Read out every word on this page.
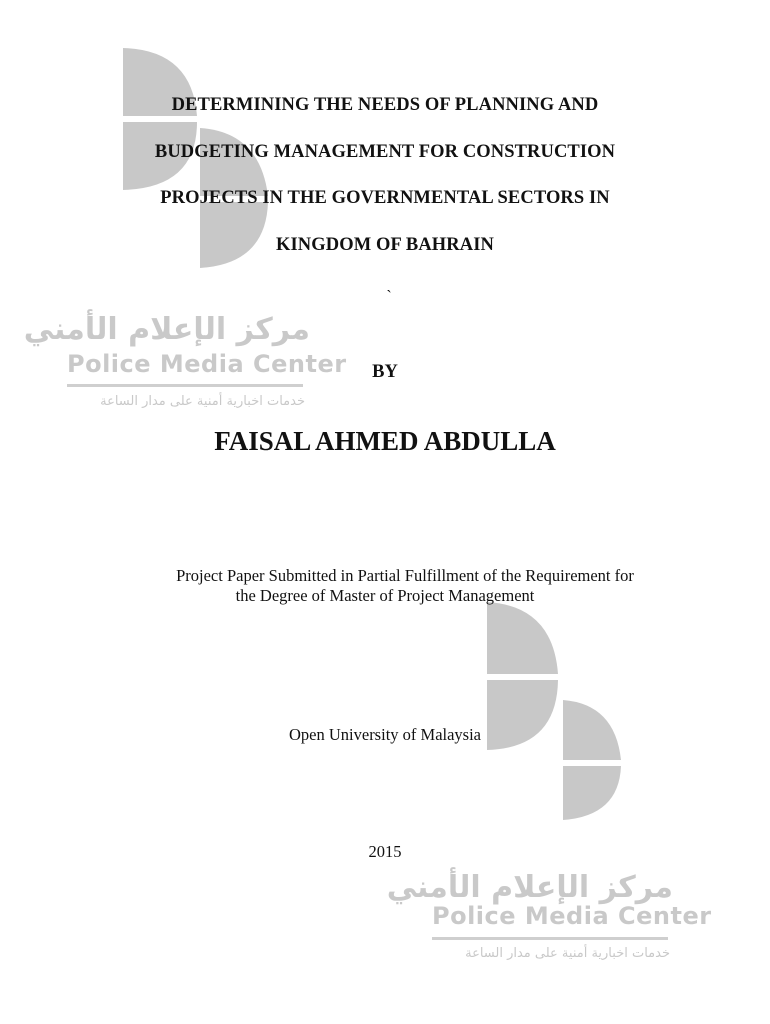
مركز الإعلام الأمني
Police Media Center
خدمات اخبارية أمنية على مدار الساعة
مركز الإعلام الأمني
Police Media Center
خدمات اخبارية أمنية على مدار الساعة
DETERMINING THE NEEDS OF PLANNING AND
BUDGETING MANAGEMENT FOR CONSTRUCTION
PROJECTS IN THE GOVERNMENTAL SECTORS IN
KINGDOM OF BAHRAIN
`
BY
FAISAL AHMED ABDULLA
Project Paper Submitted in Partial Fulfillment of the Requirement for
the Degree of Master of Project Management
Open University of Malaysia
2015
